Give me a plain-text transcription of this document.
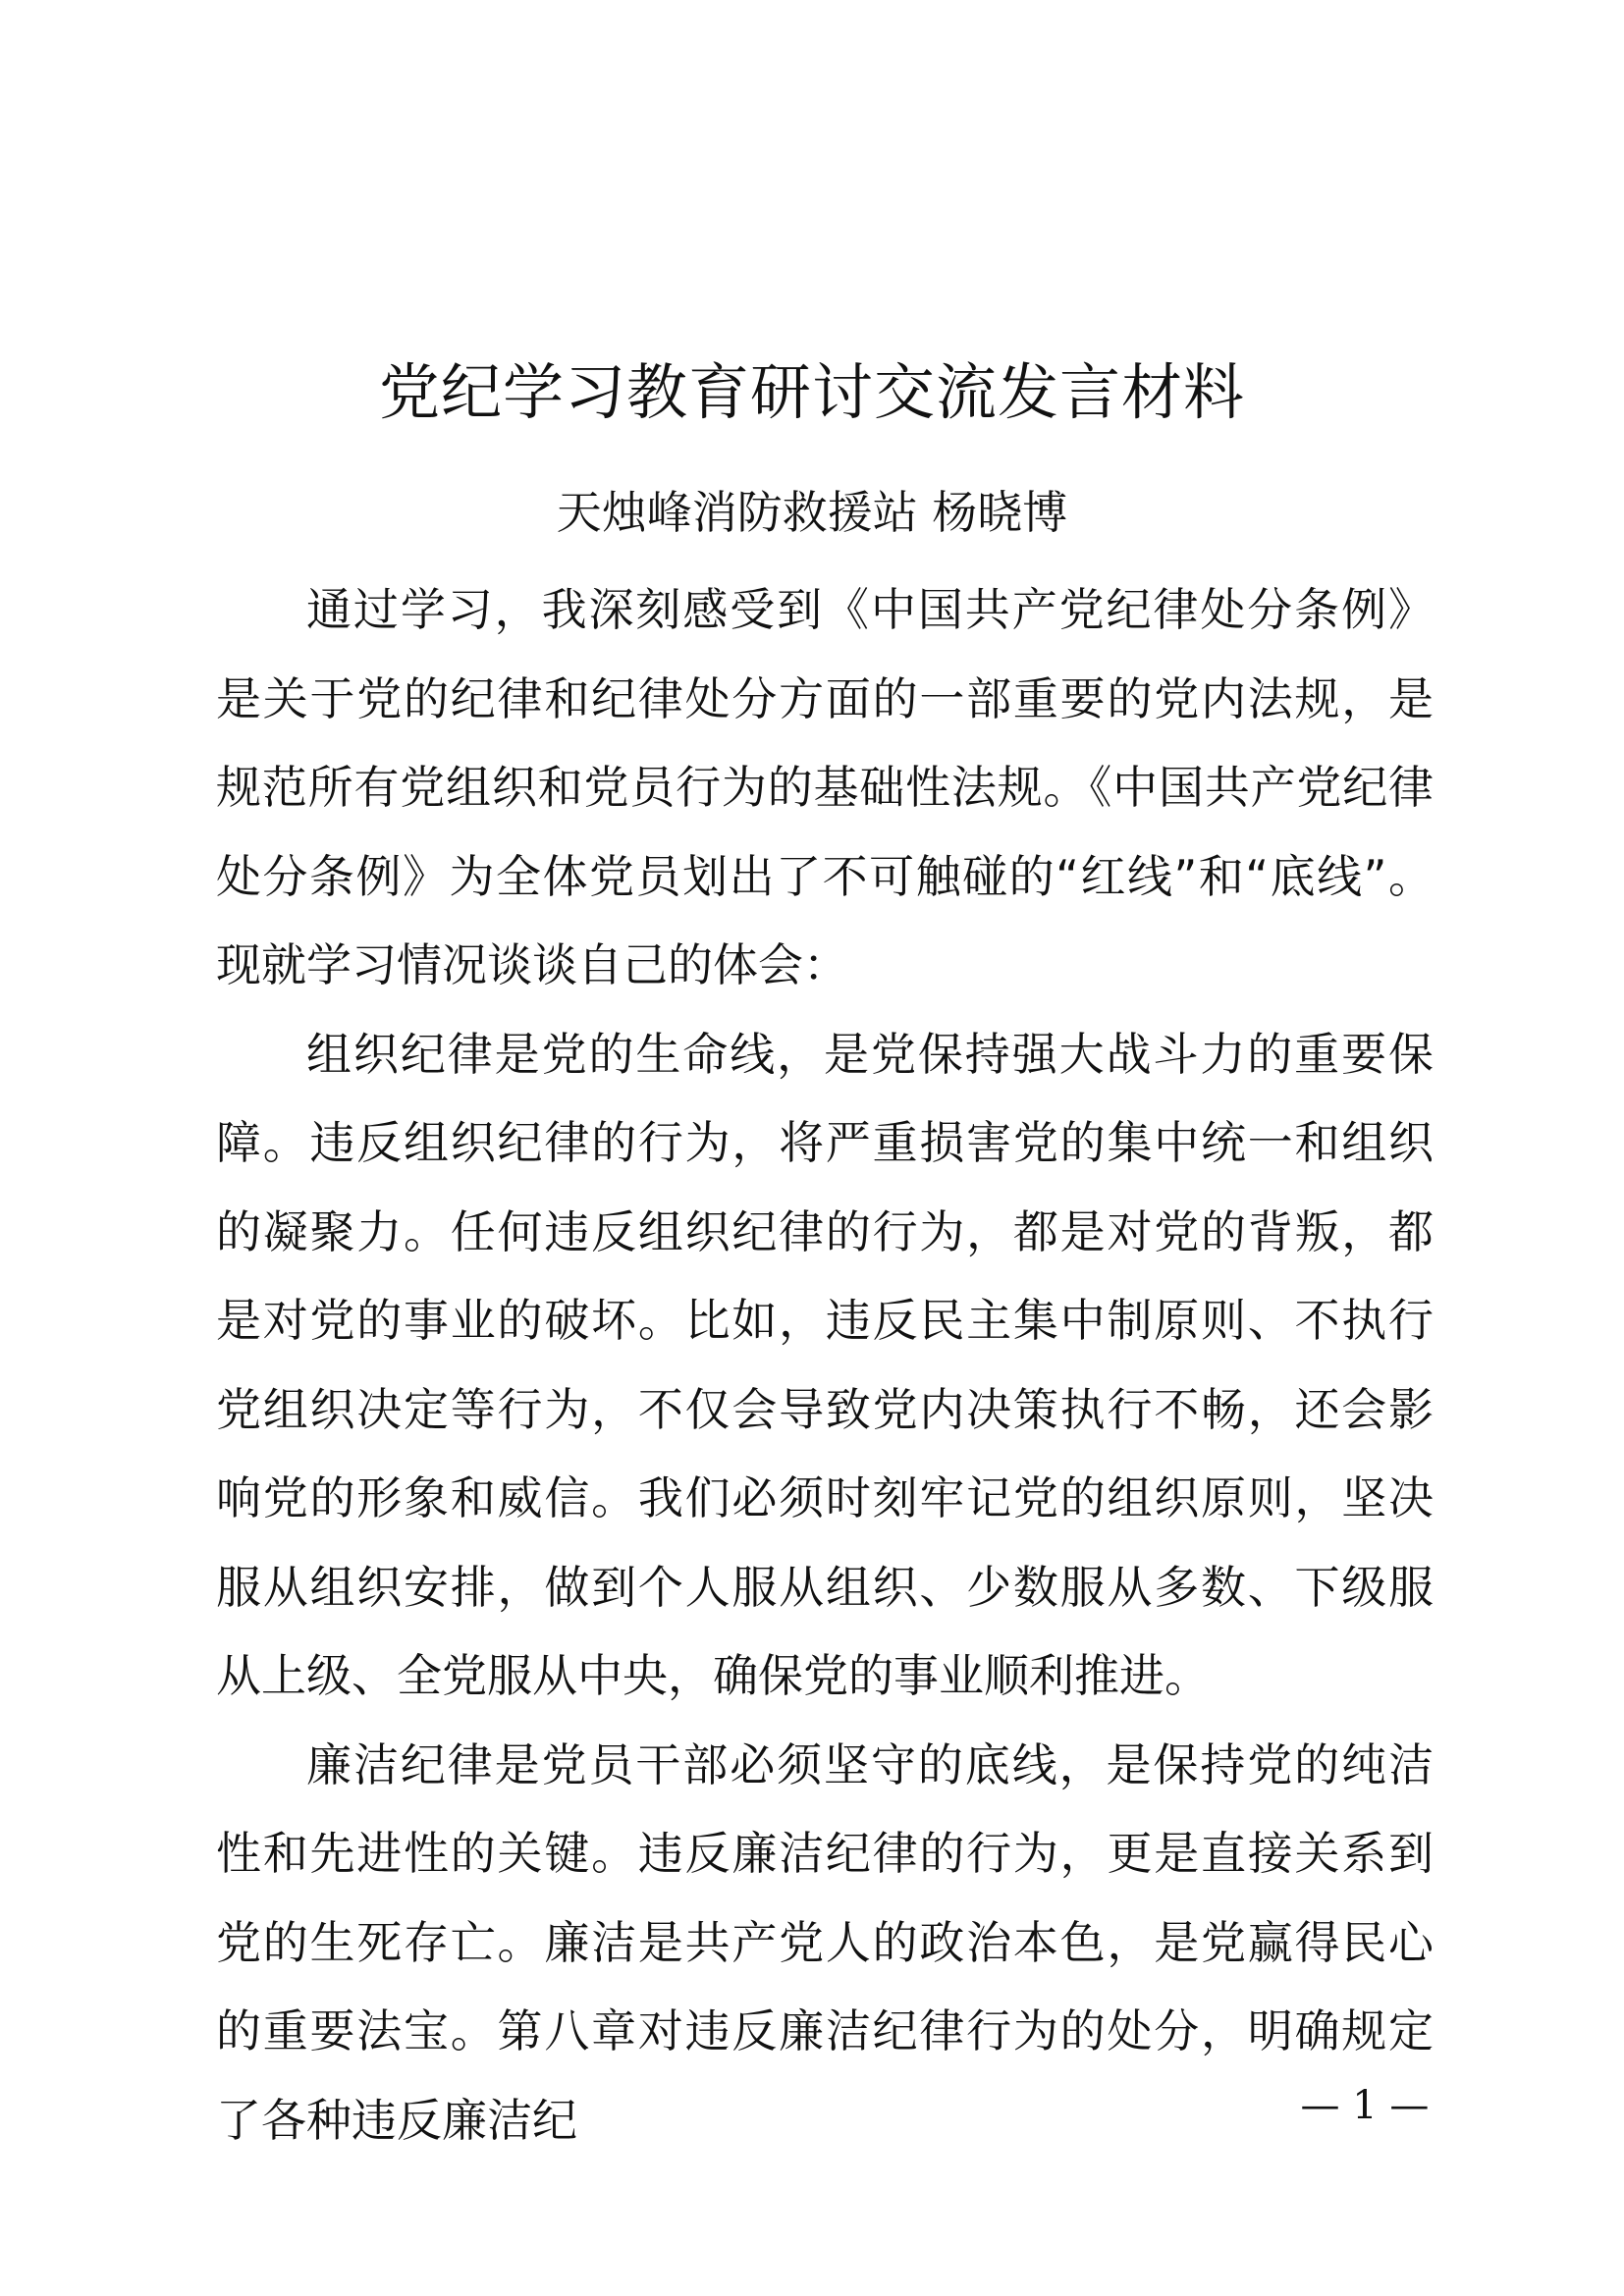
党纪学习教育研讨交流发言材料
天烛峰消防救援站 杨晓博

通过学习，我深刻感受到《中国共产党纪律处分条例》是关于党的纪律和纪律处分方面的一部重要的党内法规，是规范所有党组织和党员行为的基础性法规。《中国共产党纪律处分条例》为全体党员划出了不可触碰的“红线”和“底线”。现就学习情况谈谈自己的体会：

组织纪律是党的生命线，是党保持强大战斗力的重要保障。违反组织纪律的行为，将严重损害党的集中统一和组织的凝聚力。任何违反组织纪律的行为，都是对党的背叛，都是对党的事业的破坏。比如，违反民主集中制原则、不执行党组织决定等行为，不仅会导致党内决策执行不畅，还会影响党的形象和威信。我们必须时刻牢记党的组织原则，坚决服从组织安排，做到个人服从组织、少数服从多数、下级服从上级、全党服从中央，确保党的事业顺利推进。

廉洁纪律是党员干部必须坚守的底线，是保持党的纯洁性和先进性的关键。违反廉洁纪律的行为，更是直接关系到党的生死存亡。廉洁是共产党人的政治本色，是党赢得民心的重要法宝。第八章对违反廉洁纪律行为的处分，明确规定了各种违反廉洁纪	— 1 —
